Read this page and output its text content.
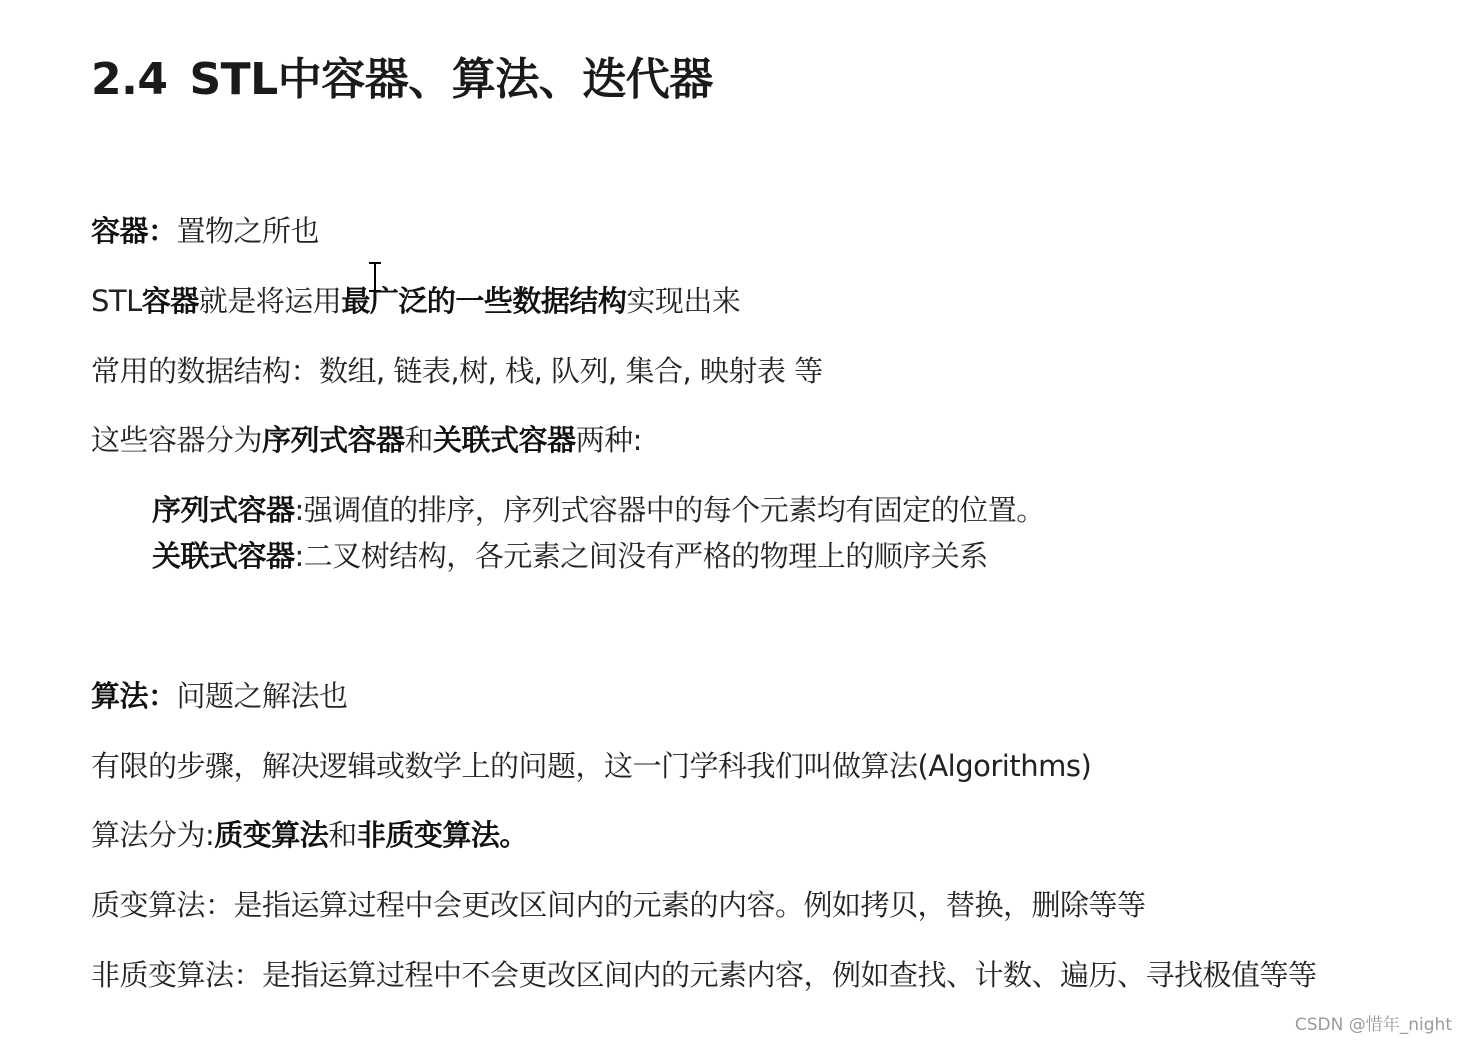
2.4 STL中容器、算法、迭代器
容器：置物之所也
STL容器就是将运用最广泛的一些数据结构实现出来
常用的数据结构：数组, 链表,树, 栈, 队列, 集合, 映射表 等
这些容器分为序列式容器和关联式容器两种:
序列式容器:强调值的排序，序列式容器中的每个元素均有固定的位置。
关联式容器:二叉树结构，各元素之间没有严格的物理上的顺序关系
算法：问题之解法也
有限的步骤，解决逻辑或数学上的问题，这一门学科我们叫做算法(Algorithms)
算法分为:质变算法和非质变算法。
质变算法：是指运算过程中会更改区间内的元素的内容。例如拷贝，替换，删除等等
非质变算法：是指运算过程中不会更改区间内的元素内容，例如查找、计数、遍历、寻找极值等等
CSDN @惜年_night
